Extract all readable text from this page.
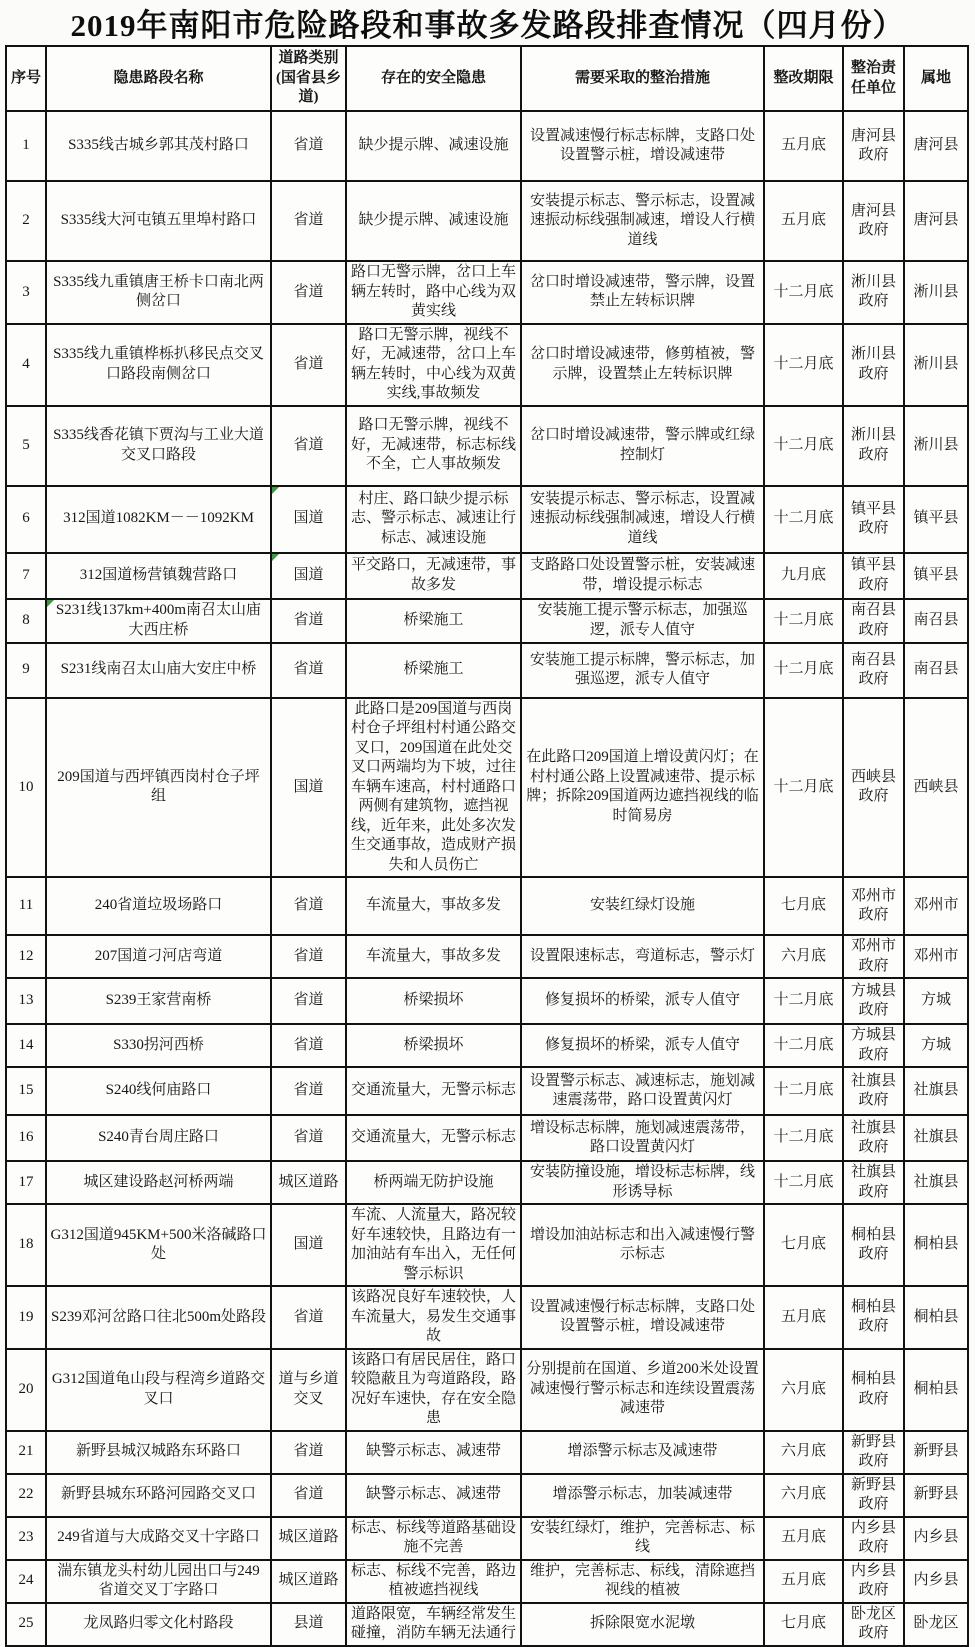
2019年南阳市危险路段和事故多发路段排查情况（四月份）
序号	隐患路段名称	道路类别(国省县乡道)	存在的安全隐患	需要采取的整治措施	整改期限	整治责任单位	属地
1	S335线古城乡郭其茂村路口	省道	缺少提示牌、减速设施	设置减速慢行标志标牌，支路口处设置警示桩，增设减速带	五月底	唐河县政府	唐河县
2	S335线大河屯镇五里埠村路口	省道	缺少提示牌、减速设施	安装提示标志、警示标志，设置减速振动标线强制减速，增设人行横道线	五月底	唐河县政府	唐河县
3	S335线九重镇唐王桥卡口南北两侧岔口	省道	路口无警示牌，岔口上车辆左转时，路中心线为双黄实线	岔口时增设减速带，警示牌，设置禁止左转标识牌	十二月底	淅川县政府	淅川县
4	S335线九重镇桦栎扒移民点交叉口路段南侧岔口	省道	路口无警示牌，视线不好，无减速带，岔口上车辆左转时，中心线为双黄实线,事故频发	岔口时增设减速带，修剪植被，警示牌，设置禁止左转标识牌	十二月底	淅川县政府	淅川县
5	S335线香花镇下贾沟与工业大道交叉口路段	省道	路口无警示牌，视线不好，无减速带，标志标线不全，亡人事故频发	岔口时增设减速带，警示牌或红绿控制灯	十二月底	淅川县政府	淅川县
6	312国道1082KM－－1092KM	国道	村庄、路口缺少提示标志、警示标志、减速让行标志、减速设施	安装提示标志、警示标志，设置减速振动标线强制减速，增设人行横道线	十二月底	镇平县政府	镇平县
7	312国道杨营镇魏营路口	国道	平交路口，无减速带，事故多发	支路路口处设置警示桩，安装减速带，增设提示标志	九月底	镇平县政府	镇平县
8	S231线137km+400m南召太山庙大西庄桥	省道	桥梁施工	安装施工提示警示标志，加强巡逻，派专人值守	十二月底	南召县政府	南召县
9	S231线南召太山庙大安庄中桥	省道	桥梁施工	安装施工提示标牌，警示标志，加强巡逻，派专人值守	十二月底	南召县政府	南召县
10	209国道与西坪镇西岗村仓子坪组	国道	此路口是209国道与西岗村仓子坪组村村通公路交叉口，209国道在此处交叉口两端均为下坡，过往车辆车速高，村村通路口两侧有建筑物，遮挡视线，近年来，此处多次发生交通事故，造成财产损失和人员伤亡	在此路口209国道上增设黄闪灯；在村村通公路上设置减速带、提示标牌；拆除209国道两边遮挡视线的临时简易房	十二月底	西峡县政府	西峡县
11	240省道垃圾场路口	省道	车流量大，事故多发	安装红绿灯设施	七月底	邓州市政府	邓州市
12	207国道刁河店弯道	省道	车流量大，事故多发	设置限速标志，弯道标志，警示灯	六月底	邓州市政府	邓州市
13	S239王家营南桥	省道	桥梁损坏	修复损坏的桥梁，派专人值守	十二月底	方城县政府	方城
14	S330拐河西桥	省道	桥梁损坏	修复损坏的桥梁，派专人值守	十二月底	方城县政府	方城
15	S240线何庙路口	省道	交通流量大，无警示标志	设置警示标志、减速标志，施划减速震荡带，路口设置黄闪灯	十二月底	社旗县政府	社旗县
16	S240青台周庄路口	省道	交通流量大，无警示标志	增设标志标牌，施划减速震荡带，路口设置黄闪灯	十二月底	社旗县政府	社旗县
17	城区建设路赵河桥两端	城区道路	桥两端无防护设施	安装防撞设施，增设标志标牌，线形诱导标	十二月底	社旗县政府	社旗县
18	G312国道945KM+500米洛碱路口处	国道	车流、人流量大，路况较好车速较快，且路边有一加油站有车出入，无任何警示标识	增设加油站标志和出入减速慢行警示标志	七月底	桐柏县政府	桐柏县
19	S239邓河岔路口往北500m处路段	省道	该路况良好车速较快，人车流量大，易发生交通事故	设置减速慢行标志标牌，支路口处设置警示桩，增设减速带	五月底	桐柏县政府	桐柏县
20	G312国道龟山段与程湾乡道路交叉口	道与乡道交叉	该路口有居民居住，路口较隐蔽且为弯道路段，路况好车速快，存在安全隐患	分别提前在国道、乡道200米处设置减速慢行警示标志和连续设置震荡减速带	六月底	桐柏县政府	桐柏县
21	新野县城汉城路东环路口	省道	缺警示标志、减速带	增添警示标志及减速带	六月底	新野县政府	新野县
22	新野县城东环路河园路交叉口	省道	缺警示标志、减速带	增添警示标志，加装减速带	六月底	新野县政府	新野县
23	249省道与大成路交叉十字路口	城区道路	标志、标线等道路基础设施不完善	安装红绿灯，维护，完善标志、标线	五月底	内乡县政府	内乡县
24	湍东镇龙头村幼儿园出口与249省道交叉丁字路口	城区道路	标志、标线不完善，路边植被遮挡视线	维护，完善标志、标线，清除遮挡视线的植被	五月底	内乡县政府	内乡县
25	龙凤路归零文化村路段	县道	道路限宽，车辆经常发生碰撞，消防车辆无法通行	拆除限宽水泥墩	七月底	卧龙区政府	卧龙区
